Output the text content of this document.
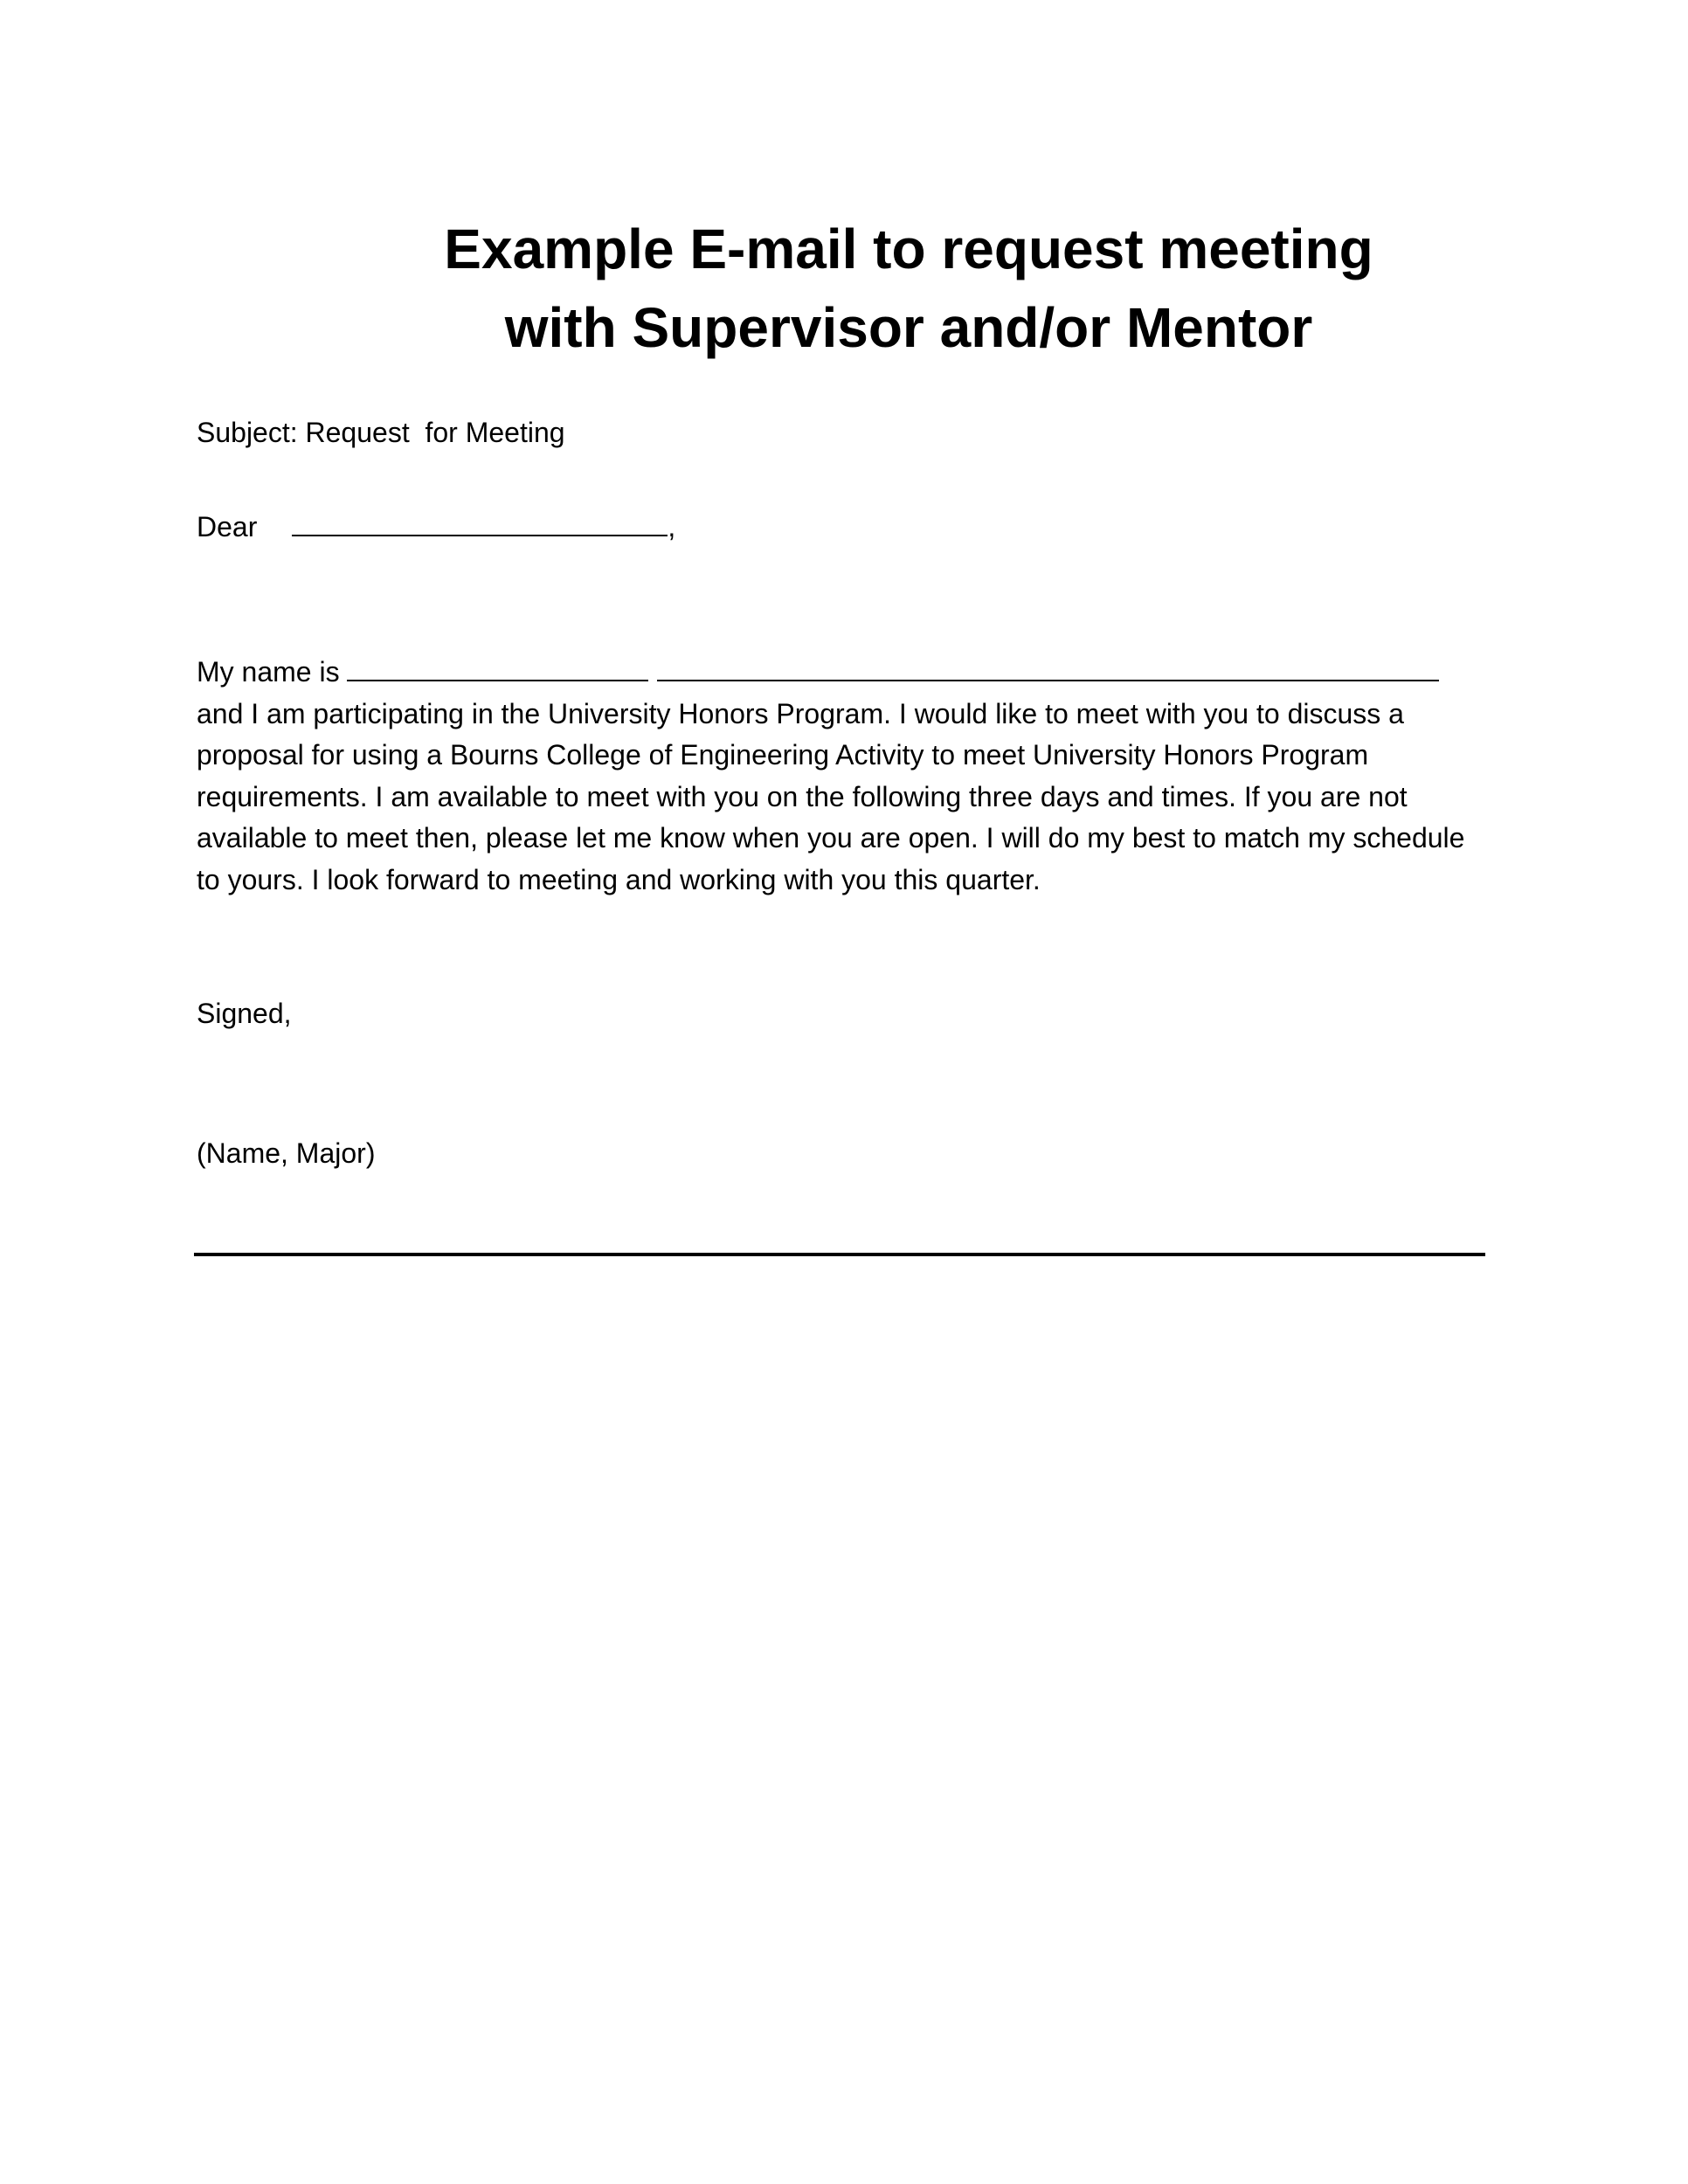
Example E-mail to request meeting
with Supervisor and/or Mentor

Subject: Request  for Meeting

Dear	,

My name is
and I am participating in the University Honors Program. I would like to meet with you to discuss a
proposal for using a Bourns College of Engineering Activity to meet University Honors Program
requirements. I am available to meet with you on the following three days and times. If you are not
available to meet then, please let me know when you are open. I will do my best to match my schedule
to yours. I look forward to meeting and working with you this quarter.

Signed,

(Name, Major)
